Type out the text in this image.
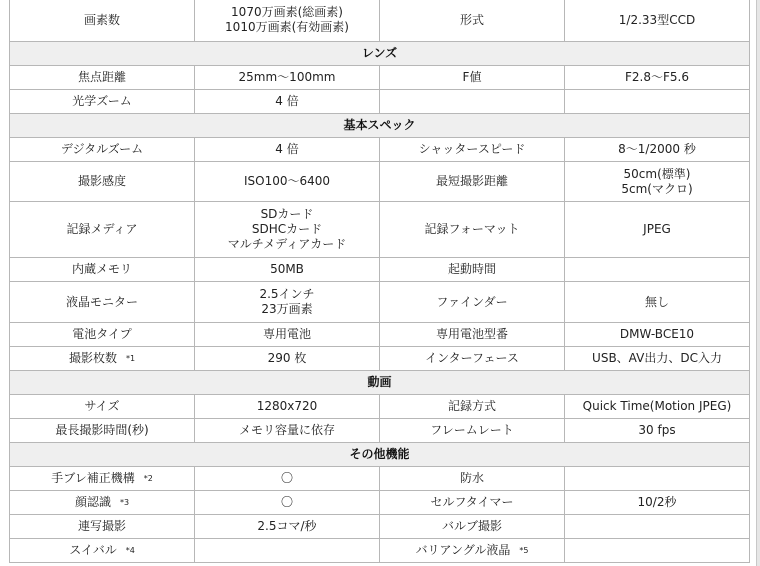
画素数	1070万画素(総画素)
1010万画素(有効画素)	形式	1/2.33型CCD

レンズ			

焦点距離	25mm〜100mm	F値	F2.8〜F5.6

光学ズーム	4 倍		

基本スペック			

デジタルズーム	4 倍	シャッタースピード	8〜1/2000 秒

撮影感度	ISO100〜6400	最短撮影距離	50cm(標準)
5cm(マクロ)

記録メディア	SDカード
SDHCカード
マルチメディアカード	記録フォーマット	JPEG

内蔵メモリ	50MB	起動時間	

液晶モニター	2.5インチ
23万画素	ファインダー	無し

電池タイプ	専用電池	専用電池型番	DMW-BCE10

撮影枚数 *1	290 枚	インターフェース	USB、AV出力、DC入力

動画			

サイズ	1280x720	記録方式	Quick Time(Motion JPEG)

最長撮影時間(秒)	メモリ容量に依存	フレームレート	30 fps

その他機能			

手ブレ補正機構 *2	〇	防水	

顔認識 *3	〇	セルフタイマー	10/2秒

連写撮影	2.5コマ/秒	バルブ撮影	

スイバル *4		バリアングル液晶 *5	
